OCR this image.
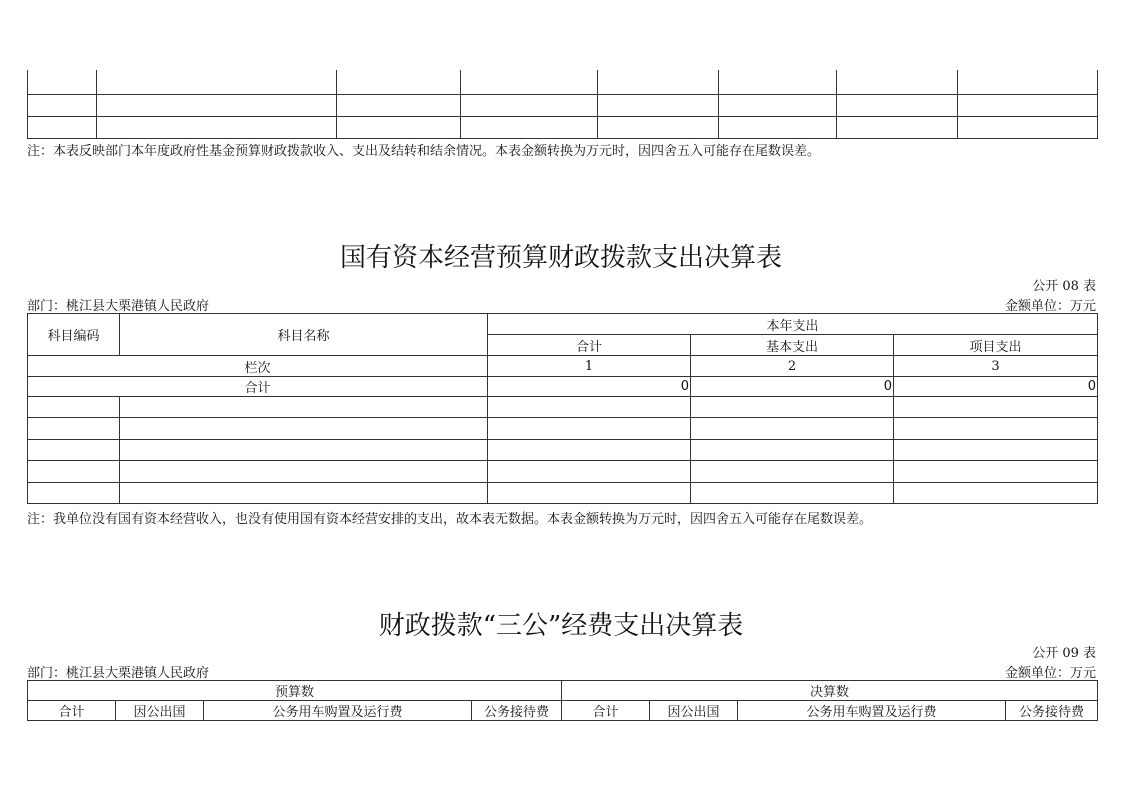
注：本表反映部门本年度政府性基金预算财政拨款收入、支出及结转和结余情况。本表金额转换为万元时，因四舍五入可能存在尾数误差。
国有资本经营预算财政拨款支出决算表
公开 08 表
部门：桃江县大栗港镇人民政府	金额单位：万元
科目编码	科目名称	本年支出		
		合计	基本支出	项目支出
栏次		1	2	3
合计		0	0	0

注：我单位没有国有资本经营收入，也没有使用国有资本经营安排的支出，故本表无数据。本表金额转换为万元时，因四舍五入可能存在尾数误差。
财政拨款“三公”经费支出决算表
公开 09 表
部门：桃江县大栗港镇人民政府	金额单位：万元
预算数				决算数			
合计	因公出国	公务用车购置及运行费	公务接待费	合计	因公出国	公务用车购置及运行费	公务接待费
